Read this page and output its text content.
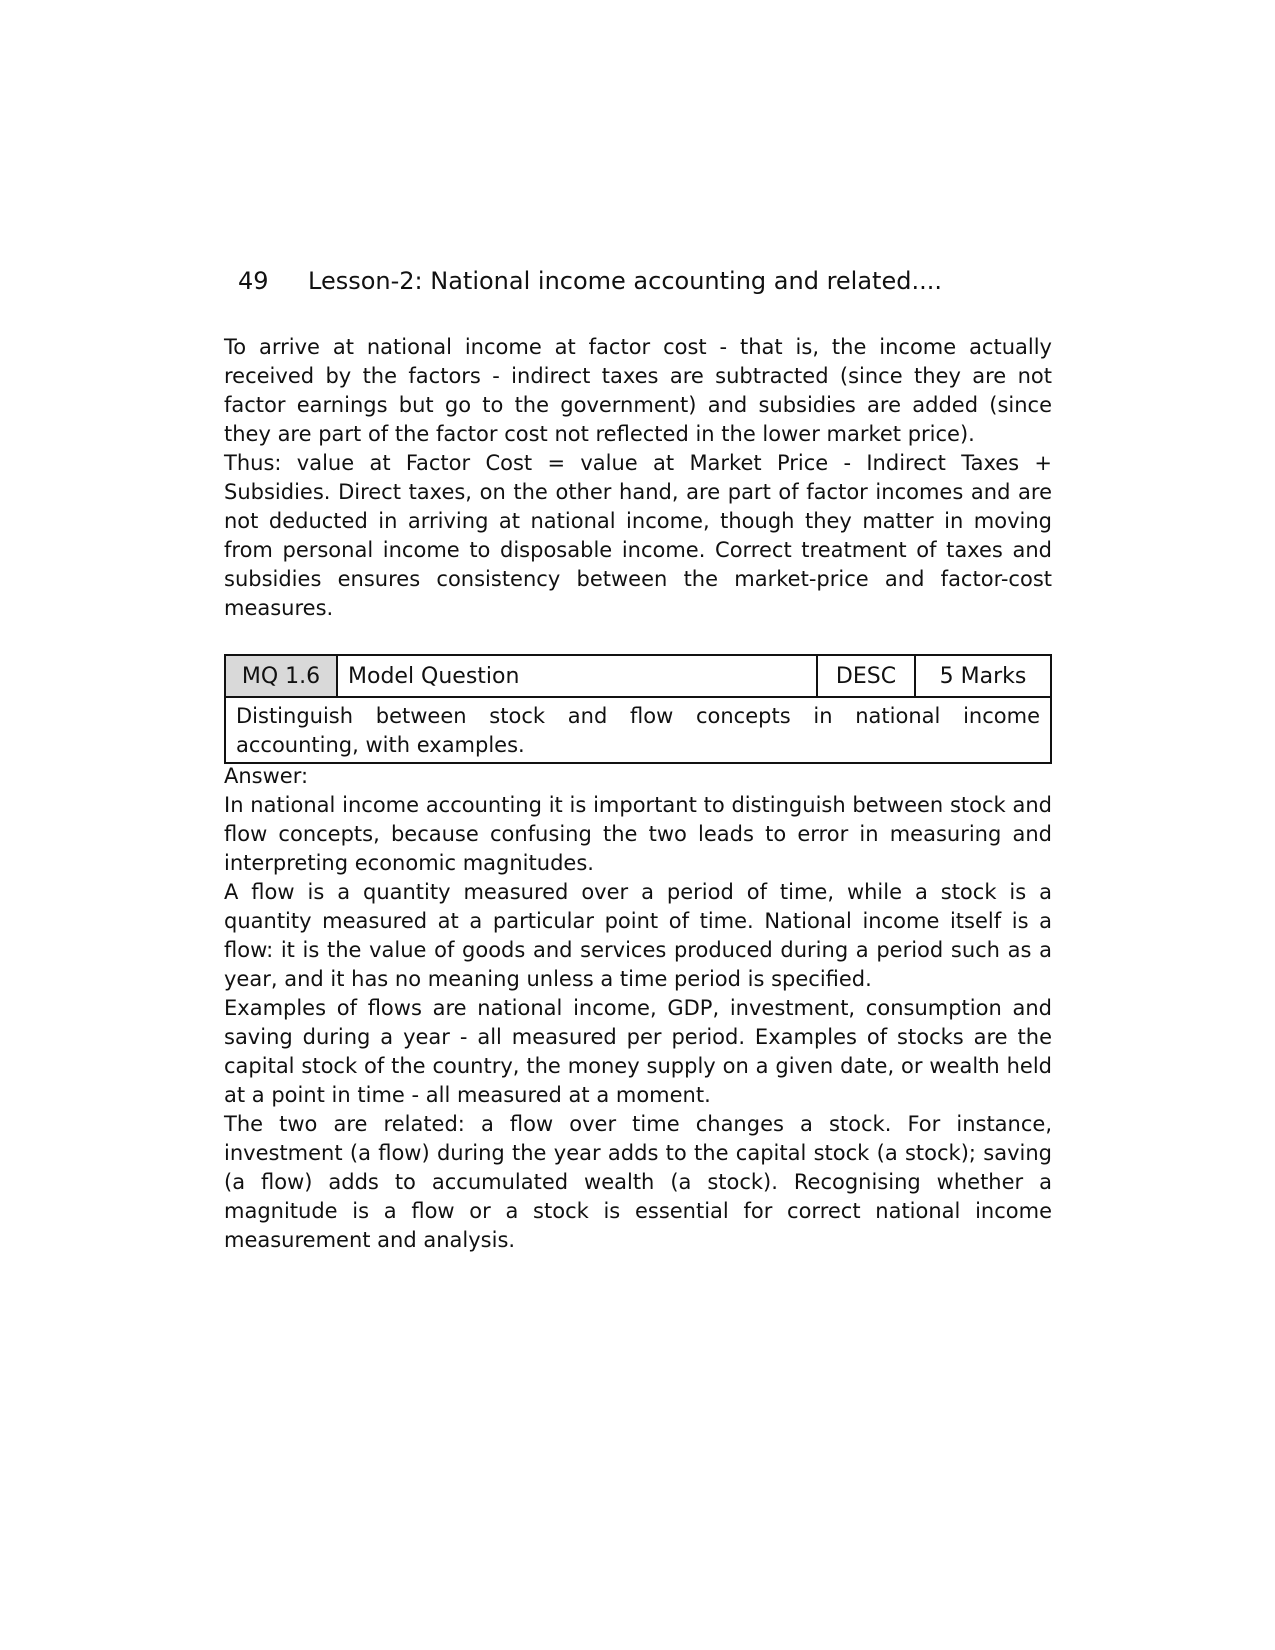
49 Lesson-2: National income accounting and related....

To arrive at national income at factor cost - that is, the income actually received by the factors - indirect taxes are subtracted (since they are not factor earnings but go to the government) and subsidies are added (since they are part of the factor cost not reflected in the lower market price).

Thus: value at Factor Cost = value at Market Price - Indirect Taxes + Subsidies. Direct taxes, on the other hand, are part of factor incomes and are not deducted in arriving at national income, though they matter in moving from personal income to disposable income. Correct treatment of taxes and subsidies ensures consistency between the market-price and factor-cost measures.

MQ 1.6	Model Question	DESC	5 Marks
Distinguish between stock and flow concepts in national income accounting, with examples.
Answer:

In national income accounting it is important to distinguish between stock and flow concepts, because confusing the two leads to error in measuring and interpreting economic magnitudes.

A flow is a quantity measured over a period of time, while a stock is a quantity measured at a particular point of time. National income itself is a flow: it is the value of goods and services produced during a period such as a year, and it has no meaning unless a time period is specified.

Examples of flows are national income, GDP, investment, consumption and saving during a year - all measured per period. Examples of stocks are the capital stock of the country, the money supply on a given date, or wealth held at a point in time - all measured at a moment.

The two are related: a flow over time changes a stock. For instance, investment (a flow) during the year adds to the capital stock (a stock); saving (a flow) adds to accumulated wealth (a stock). Recognising whether a magnitude is a flow or a stock is essential for correct national income measurement and analysis.
